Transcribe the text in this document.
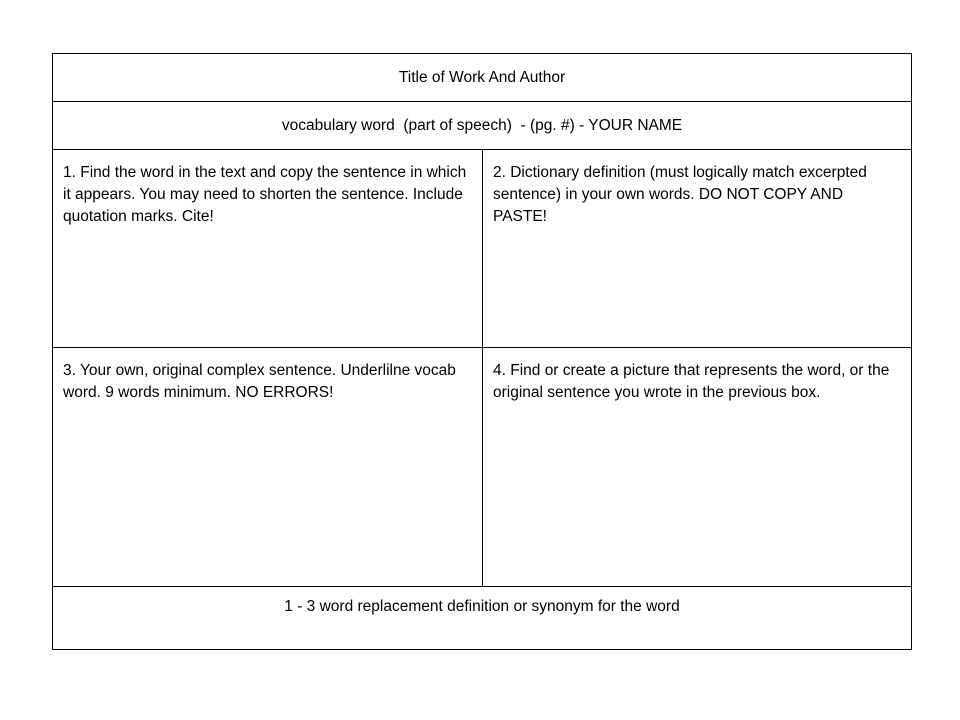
Title of Work And Author
vocabulary word  (part of speech)  - (pg. #) - YOUR NAME
1. Find the word in the text and copy the sentence in which it appears. You may need to shorten the sentence. Include quotation marks. Cite!
2. Dictionary definition (must logically match excerpted sentence) in your own words. DO NOT COPY AND PASTE!
3. Your own, original complex sentence. Underlilne vocab word. 9 words minimum. NO ERRORS!
4. Find or create a picture that represents the word, or the original sentence you wrote in the previous box.
1 - 3 word replacement definition or synonym for the word
